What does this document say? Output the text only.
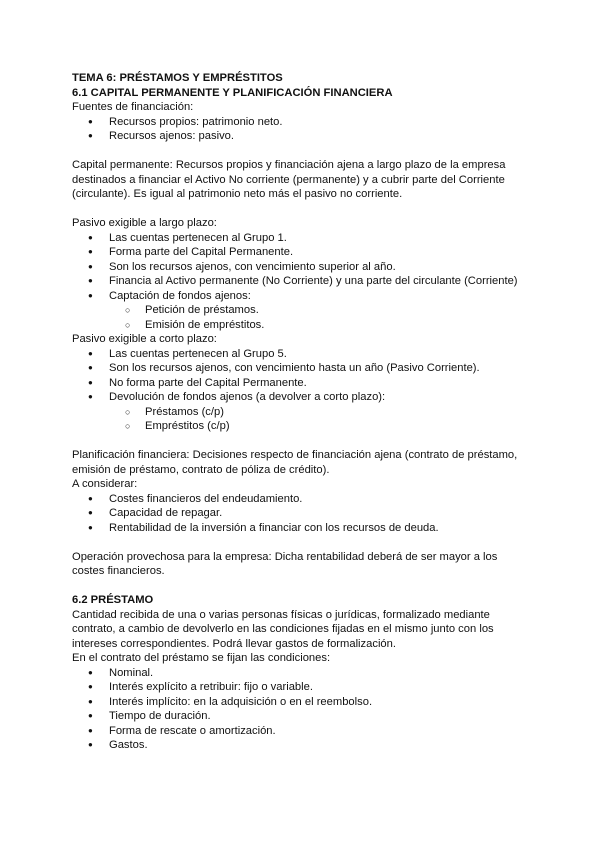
TEMA 6: PRÉSTAMOS Y EMPRÉSTITOS

6.1 CAPITAL PERMANENTE Y PLANIFICACIÓN FINANCIERA

Fuentes de financiación:

● Recursos propios: patrimonio neto.
● Recursos ajenos: pasivo.

Capital permanente: Recursos propios y financiación ajena a largo plazo de la empresa
destinados a financiar el Activo No corriente (permanente) y a cubrir parte del Corriente
(circulante). Es igual al patrimonio neto más el pasivo no corriente.

Pasivo exigible a largo plazo:

● Las cuentas pertenecen al Grupo 1.
● Forma parte del Capital Permanente.
● Son los recursos ajenos, con vencimiento superior al año.
● Financia al Activo permanente (No Corriente) y una parte del circulante (Corriente)
● Captación de fondos ajenos:
○ Petición de préstamos.
○ Emisión de empréstitos.

Pasivo exigible a corto plazo:

● Las cuentas pertenecen al Grupo 5.
● Son los recursos ajenos, con vencimiento hasta un año (Pasivo Corriente).
● No forma parte del Capital Permanente.
● Devolución de fondos ajenos (a devolver a corto plazo):
○ Préstamos (c/p)
○ Empréstitos (c/p)

Planificación financiera: Decisiones respecto de financiación ajena (contrato de préstamo,
emisión de préstamo, contrato de póliza de crédito).

A considerar:

● Costes financieros del endeudamiento.
● Capacidad de repagar.
● Rentabilidad de la inversión a financiar con los recursos de deuda.

Operación provechosa para la empresa: Dicha rentabilidad deberá de ser mayor a los
costes financieros.

6.2 PRÉSTAMO

Cantidad recibida de una o varias personas físicas o jurídicas, formalizado mediante
contrato, a cambio de devolverlo en las condiciones fijadas en el mismo junto con los
intereses correspondientes. Podrá llevar gastos de formalización.

En el contrato del préstamo se fijan las condiciones:

● Nominal.
● Interés explícito a retribuir: fijo o variable.
● Interés implícito: en la adquisición o en el reembolso.
● Tiempo de duración.
● Forma de rescate o amortización.
● Gastos.
